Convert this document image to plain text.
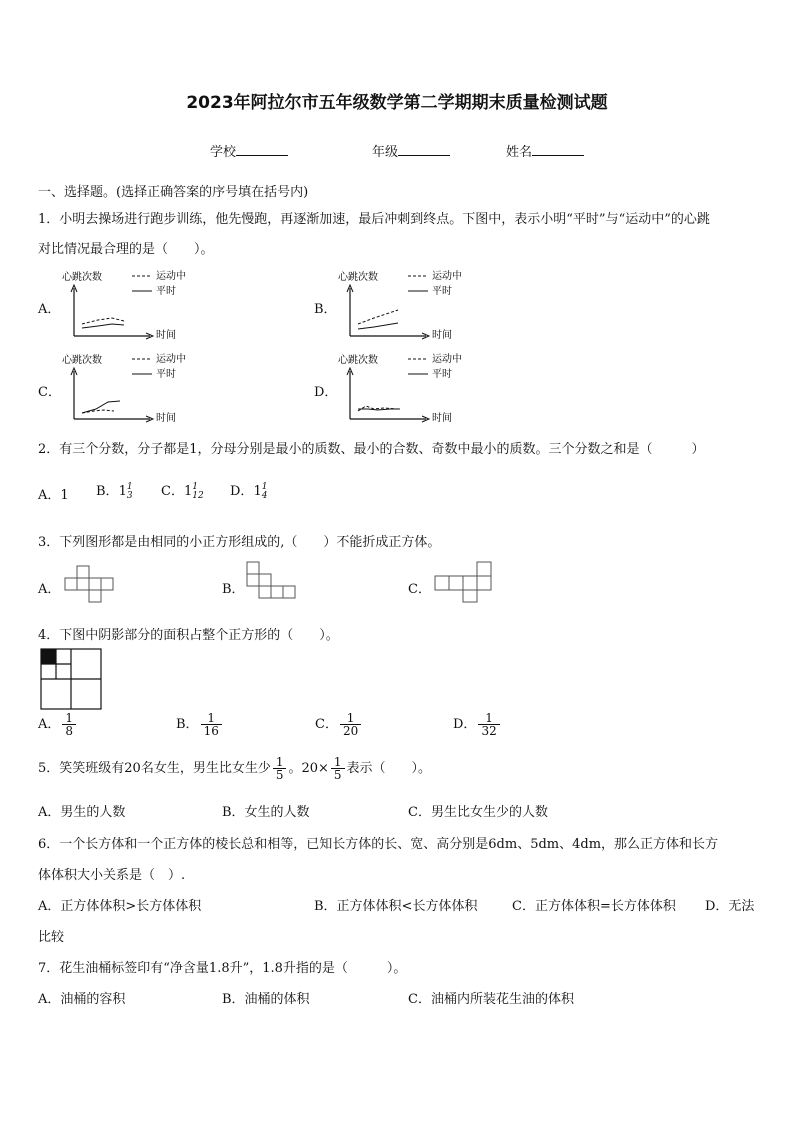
2023年阿拉尔市五年级数学第二学期期末质量检测试题
学校	年级	姓名
一、选择题。(选择正确答案的序号填在括号内)
1．小明去操场进行跑步训练，他先慢跑，再逐渐加速，最后冲刺到终点。下图中，表示小明“平时”与“运动中”的心跳
对比情况最合理的是（　　）。
A．	B．
C．	D．
心跳次数
时间
运动中
平时
心跳次数
时间
运动中
平时
心跳次数
时间
运动中
平时
心跳次数
时间
运动中
平时
2．有三个分数，分子都是1，分母分别是最小的质数、最小的合数、奇数中最小的质数。三个分数之和是（　　　）
A．1 B．1 1
3 C．1 1
12 D．1 1
4
3．下列图形都是由相同的小正方形组成的,（　　）不能折成正方体。
A．	B．	C．
4．下图中阴影部分的面积占整个正方形的（　　）。
A． $\frac{1}{8}$	B． $\frac{1}{16}$	C． $\frac{1}{20}$	D． $\frac{1}{32}$
5．笑笑班级有20名女生，男生比女生少 $\frac{1}{5}$ 。$20\times \frac{1}{5}$ 表示（　　）。
A．男生的人数	B．女生的人数	C．男生比女生少的人数
6．一个长方体和一个正方体的棱长总和相等，已知长方体的长、宽、高分别是6dm、5dm、4dm，那么正方体和长方
体体积大小关系是（　）.
A．正方体体积>长方体体积	B．正方体体积<长方体体积	C．正方体体积=长方体体积 D．无法
比较
7．花生油桶标签印有“净含量1.8升”，1.8升指的是（　　　）。
A．油桶的容积	B．油桶的体积	C．油桶内所装花生油的体积
